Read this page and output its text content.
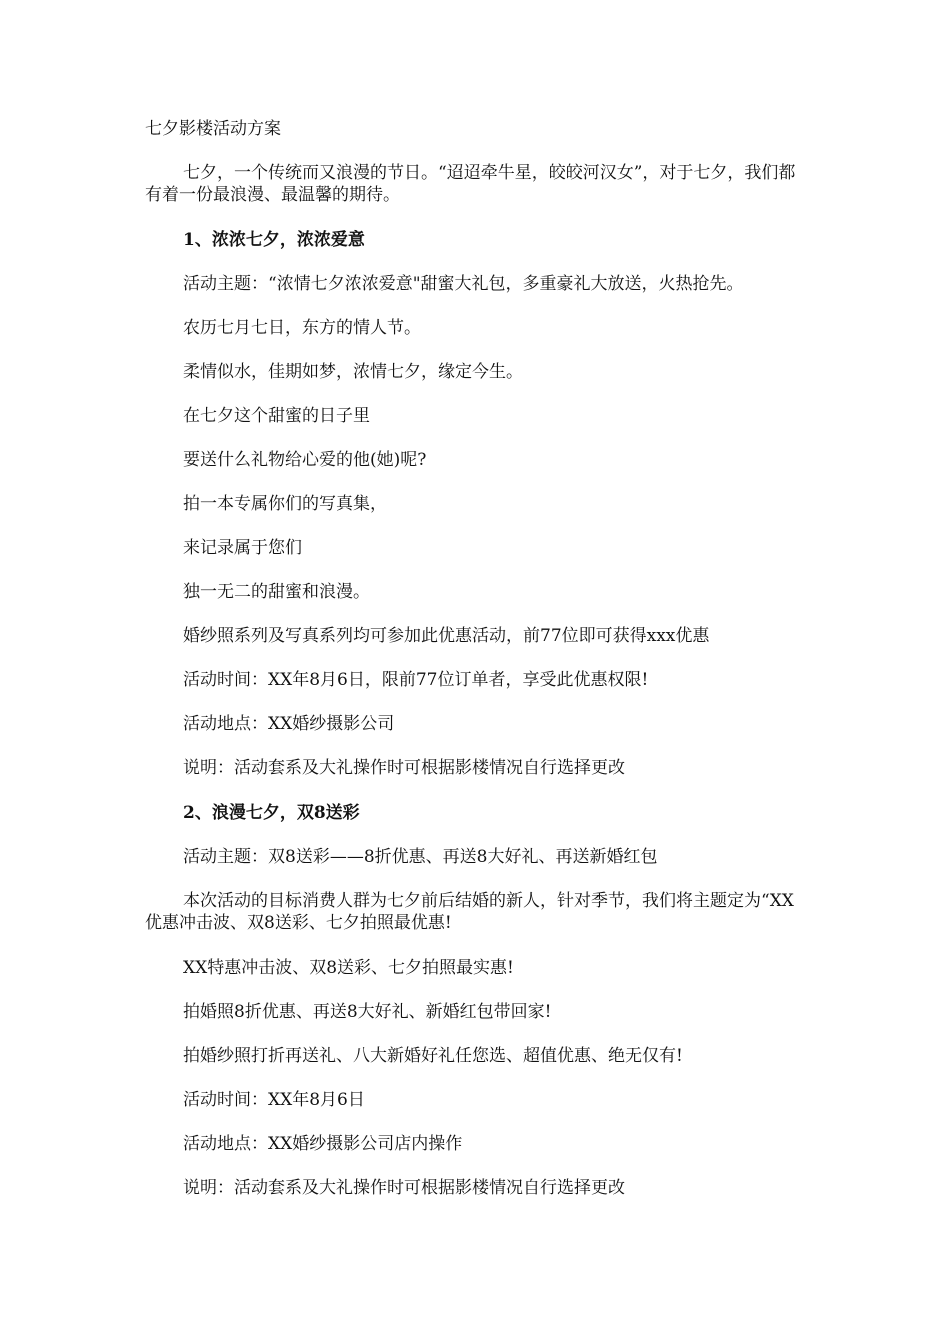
七夕影楼活动方案

七夕，一个传统而又浪漫的节日。“迢迢牵牛星，皎皎河汉女”，对于七夕，我们都有着一份最浪漫、最温馨的期待。

1、浓浓七夕，浓浓爱意

活动主题：“浓情七夕浓浓爱意"甜蜜大礼包，多重豪礼大放送，火热抢先。

农历七月七日，东方的情人节。

柔情似水，佳期如梦，浓情七夕，缘定今生。

在七夕这个甜蜜的日子里

要送什么礼物给心爱的他(她)呢?

拍一本专属你们的写真集，

来记录属于您们

独一无二的甜蜜和浪漫。

婚纱照系列及写真系列均可参加此优惠活动，前77位即可获得xxx优惠

活动时间：XX年8月6日，限前77位订单者，享受此优惠权限!

活动地点：XX婚纱摄影公司

说明：活动套系及大礼操作时可根据影楼情况自行选择更改

2、浪漫七夕，双8送彩

活动主题：双8送彩——8折优惠、再送8大好礼、再送新婚红包

本次活动的目标消费人群为七夕前后结婚的新人，针对季节，我们将主题定为“XX优惠冲击波、双8送彩、七夕拍照最优惠!

XX特惠冲击波、双8送彩、七夕拍照最实惠!

拍婚照8折优惠、再送8大好礼、新婚红包带回家!

拍婚纱照打折再送礼、八大新婚好礼任您选、超值优惠、绝无仅有!

活动时间：XX年8月6日

活动地点：XX婚纱摄影公司店内操作

说明：活动套系及大礼操作时可根据影楼情况自行选择更改
